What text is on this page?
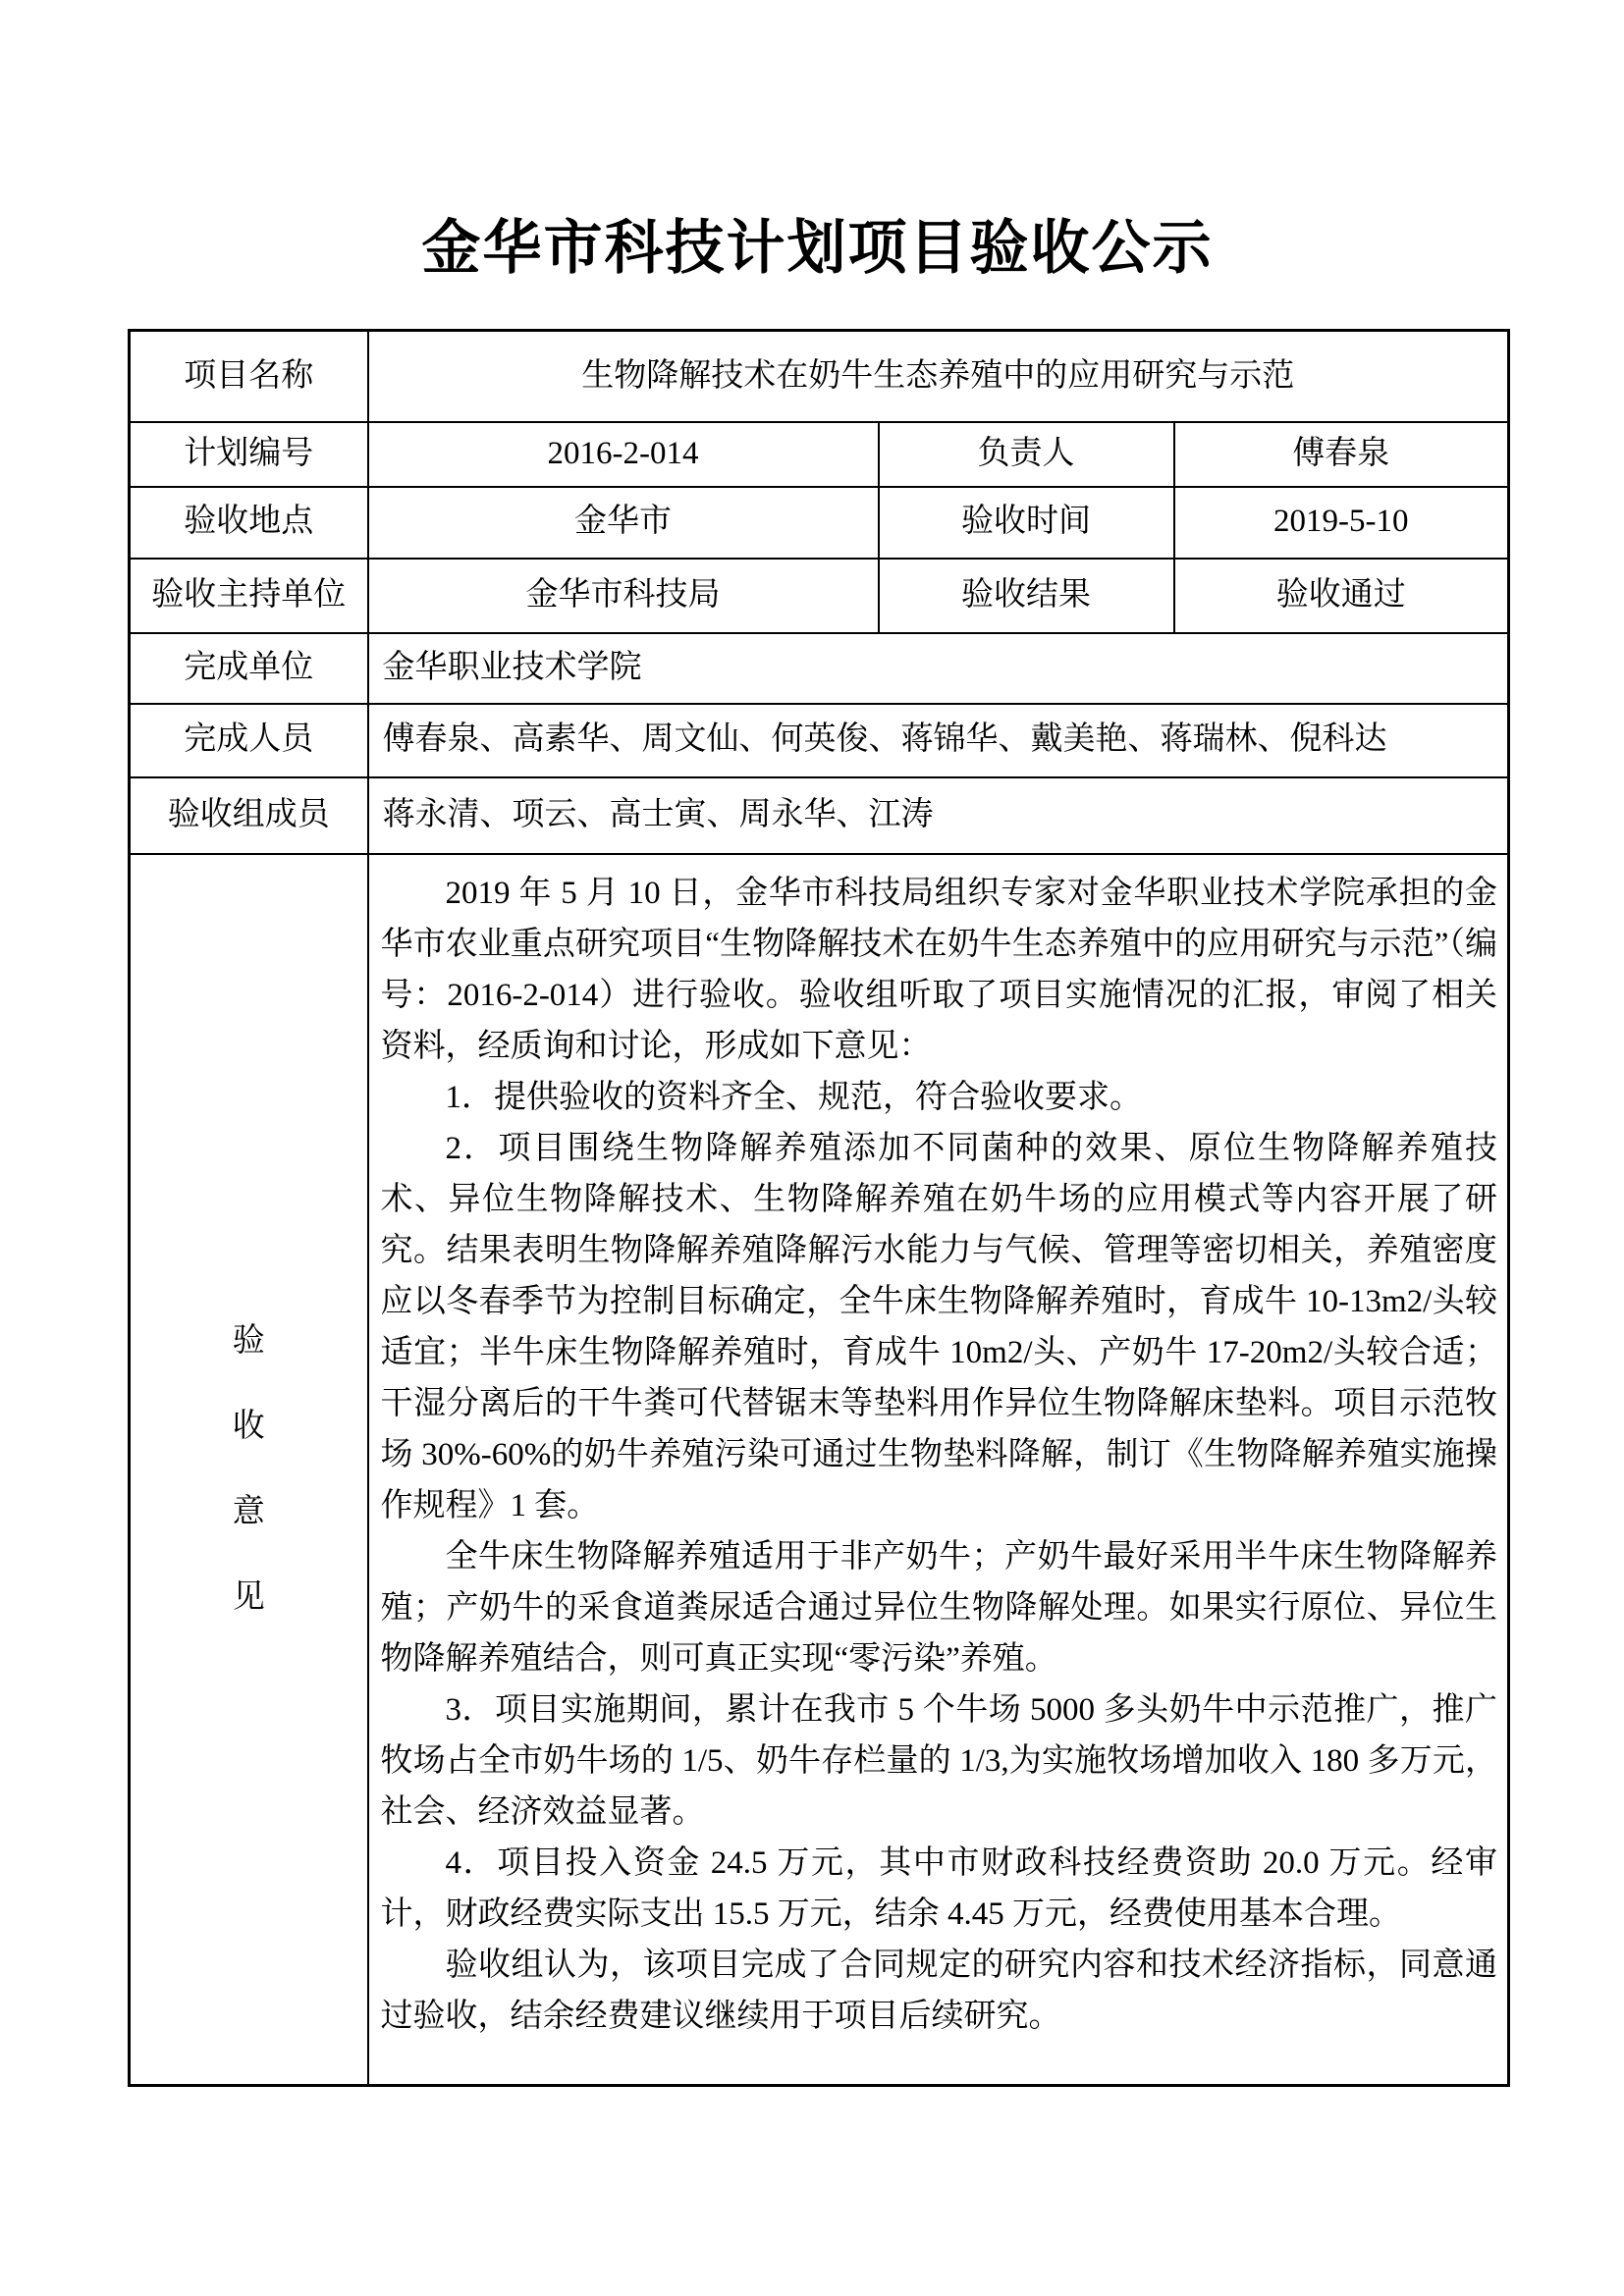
金华市科技计划项目验收公示
项目名称	生物降解技术在奶牛生态养殖中的应用研究与示范		
计划编号	2016-2-014	负责人	傅春泉
验收地点	金华市	验收时间	2019-5-10
验收主持单位	金华市科技局	验收结果	验收通过
完成单位	金华职业技术学院		
完成人员	傅春泉、高素华、周文仙、何英俊、蒋锦华、戴美艳、蒋瑞林、倪科达		
验收组成员	蒋永清、项云、高士寅、周永华、江涛		

验
收
意
见

2019 年 5 月 10 日，金华市科技局组织专家对金华职业技术学院承担的金华市农业重点研究项目“生物降解技术在奶牛生态养殖中的应用研究与示范”（编号：2016-2-014）进行验收。验收组听取了项目实施情况的汇报，审阅了相关资料，经质询和讨论，形成如下意见：

1．提供验收的资料齐全、规范，符合验收要求。

2．项目围绕生物降解养殖添加不同菌种的效果、原位生物降解养殖技术、异位生物降解技术、生物降解养殖在奶牛场的应用模式等内容开展了研究。结果表明生物降解养殖降解污水能力与气候、管理等密切相关，养殖密度应以冬春季节为控制目标确定，全牛床生物降解养殖时，育成牛 10-13m2/头较适宜；半牛床生物降解养殖时，育成牛 10m2/头、产奶牛 17-20m2/头较合适；干湿分离后的干牛粪可代替锯末等垫料用作异位生物降解床垫料。项目示范牧场 30%-60%的奶牛养殖污染可通过生物垫料降解，制订《生物降解养殖实施操作规程》1 套。

全牛床生物降解养殖适用于非产奶牛；产奶牛最好采用半牛床生物降解养殖；产奶牛的采食道粪尿适合通过异位生物降解处理。如果实行原位、异位生物降解养殖结合，则可真正实现“零污染”养殖。

3．项目实施期间，累计在我市 5 个牛场 5000 多头奶牛中示范推广，推广牧场占全市奶牛场的 1/5、奶牛存栏量的 1/3,为实施牧场增加收入 180 多万元，社会、经济效益显著。

4．项目投入资金 24.5 万元，其中市财政科技经费资助 20.0 万元。经审计，财政经费实际支出 15.5 万元，结余 4.45 万元，经费使用基本合理。

验收组认为，该项目完成了合同规定的研究内容和技术经济指标，同意通过验收，结余经费建议继续用于项目后续研究。
